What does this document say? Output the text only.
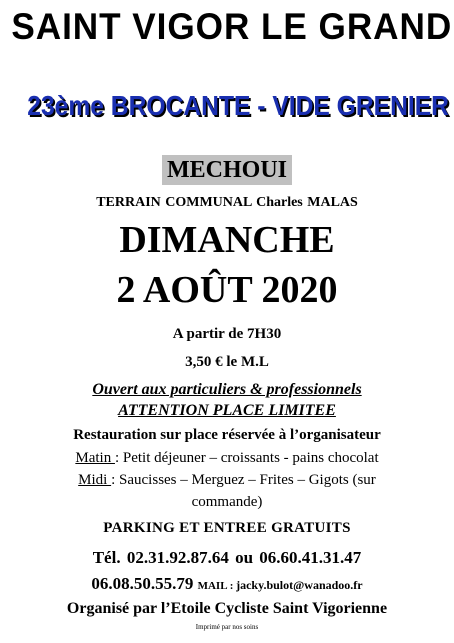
SAINT VIGOR LE GRAND
23ème BROCANTE - VIDE GRENIER
MECHOUI
TERRAIN COMMUNAL Charles MALAS
DIMANCHE
2 AOÛT 2020
A partir de 7H30
3,50 € le M.L
Ouvert aux particuliers & professionnels
ATTENTION PLACE LIMITEE
Restauration sur place réservée à l’organisateur
Matin : Petit déjeuner – croissants - pains chocolat
Midi : Saucisses – Merguez – Frites – Gigots (sur
commande)
PARKING ET ENTREE GRATUITS
Tél. 02.31.92.87.64 ou 06.60.41.31.47
06.08.50.55.79 MAIL : jacky.bulot@wanadoo.fr
Organisé par l’Etoile Cycliste Saint Vigorienne
Imprimé par nos soins
